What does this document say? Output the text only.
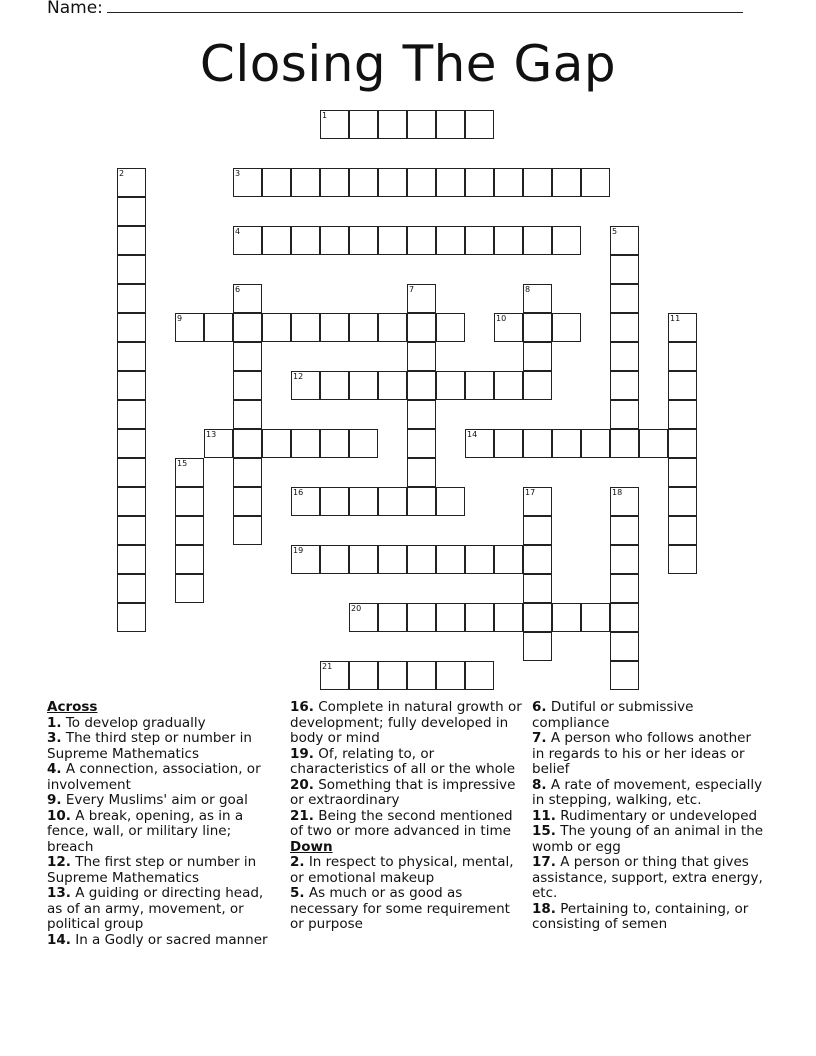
Name:
Closing The Gap
1
2	3
4	5
6	7	8
9	10	11
12
13	14
15
16	17	18
19
20
21
Across
1. To develop gradually
3. The third step or number in Supreme Mathematics
4. A connection, association, or involvement
9. Every Muslims' aim or goal
10. A break, opening, as in a fence, wall, or military line; breach
12. The first step or number in Supreme Mathematics
13. A guiding or directing head, as of an army, movement, or political group
14. In a Godly or sacred manner
16. Complete in natural growth or development; fully developed in body or mind
19. Of, relating to, or characteristics of all or the whole
20. Something that is impressive or extraordinary
21. Being the second mentioned of two or more advanced in time
Down
2. In respect to physical, mental, or emotional makeup
5. As much or as good as necessary for some requirement or purpose
6. Dutiful or submissive compliance
7. A person who follows another in regards to his or her ideas or belief
8. A rate of movement, especially in stepping, walking, etc.
11. Rudimentary or undeveloped
15. The young of an animal in the womb or egg
17. A person or thing that gives assistance, support, extra energy, etc.
18. Pertaining to, containing, or consisting of semen
